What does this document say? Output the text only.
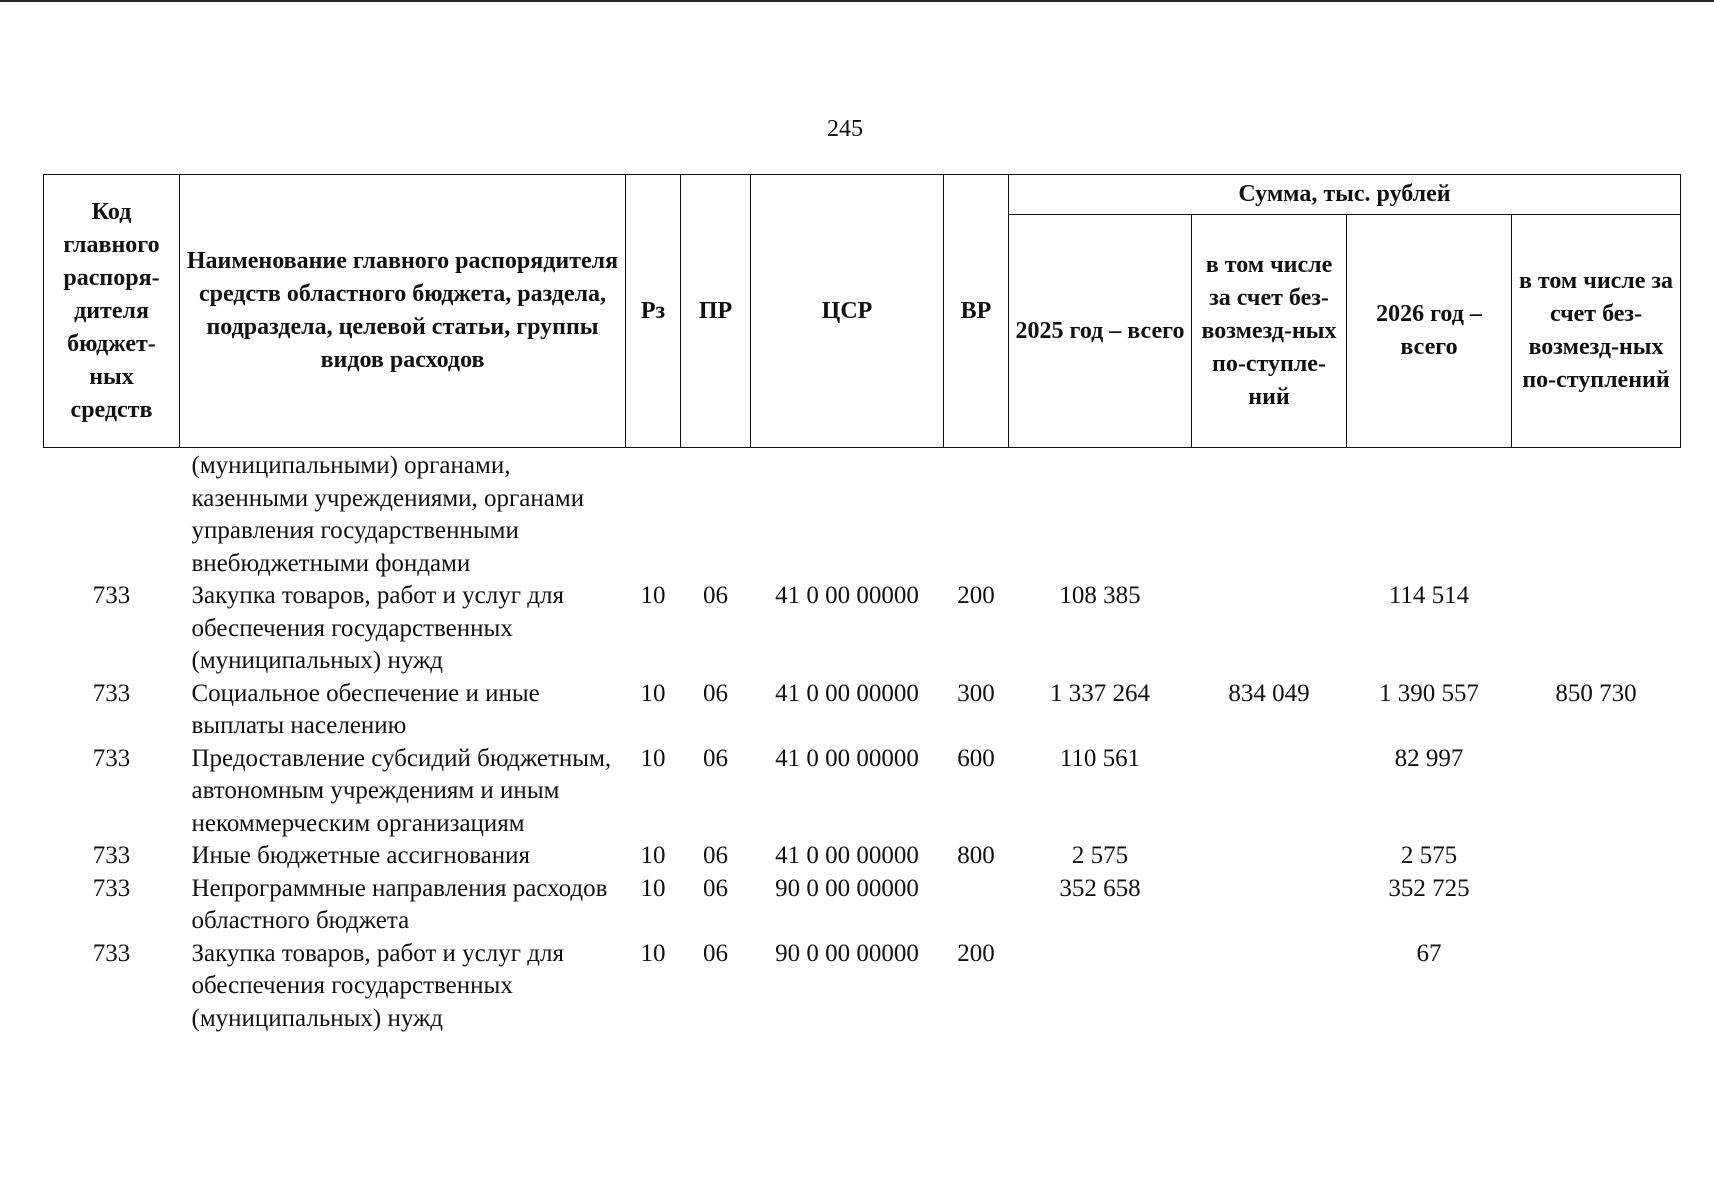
245
Код главного распоря-дителя бюджет-ных средств	Наименование главного распорядителя средств областного бюджета, раздела, подраздела, целевой статьи, группы видов расходов	Рз	ПР	ЦСР	ВР	Сумма, тыс. рублей			
						2025 год – всего	в том числе за счет без-возмезд-ных по-ступле-ний	2026 год – всего	в том числе за счет без-возмезд-ных по-ступлений
	(муниципальными) органами, казенными учреждениями, органами управления государственными внебюджетными фондами								
733	Закупка товаров, работ и услуг для обеспечения государственных (муниципальных) нужд	10	06	41 0 00 00000	200	108 385		114 514	
733	Социальное обеспечение и иные выплаты населению	10	06	41 0 00 00000	300	1 337 264	834 049	1 390 557	850 730
733	Предоставление субсидий бюджетным, автономным учреждениям и иным некоммерческим организациям	10	06	41 0 00 00000	600	110 561		82 997	
733	Иные бюджетные ассигнования	10	06	41 0 00 00000	800	2 575		2 575	
733	Непрограммные направления расходов областного бюджета	10	06	90 0 00 00000		352 658		352 725	
733	Закупка товаров, работ и услуг для обеспечения государственных (муниципальных) нужд	10	06	90 0 00 00000	200			67	
